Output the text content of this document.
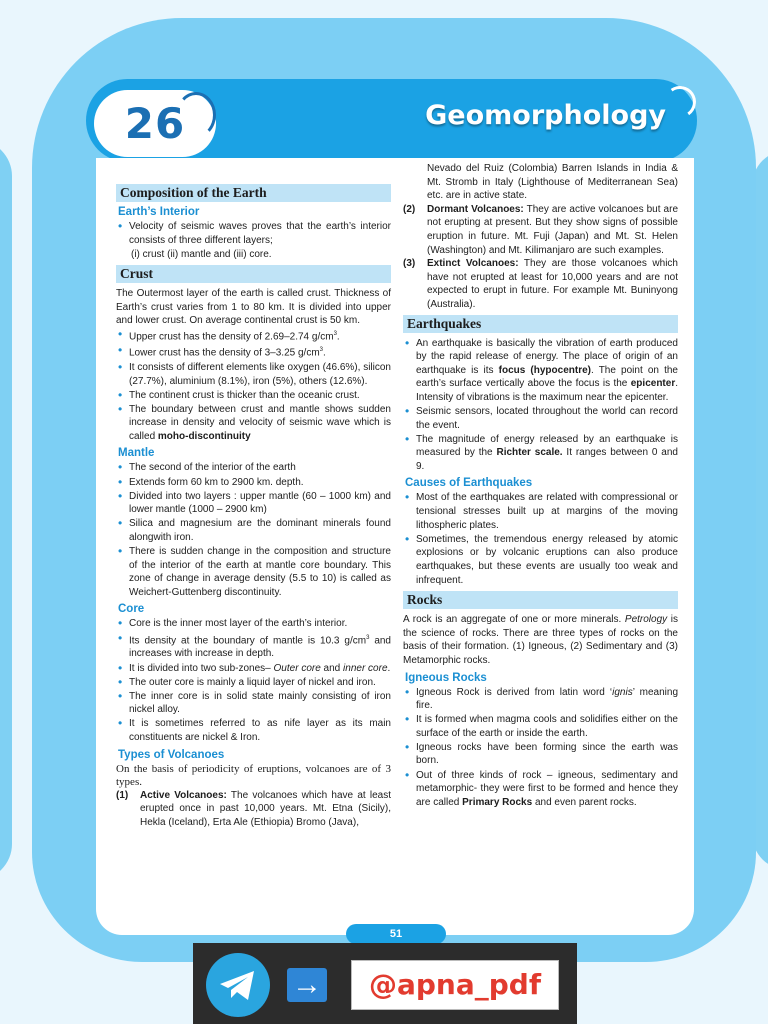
26	Geomorphology
Composition of the Earth
Earth’s Interior
• Velocity of seismic waves proves that the earth’s interior consists of three different layers;

(i) crust (ii) mantle and (iii) core.

Crust

The Outermost layer of the earth is called crust. Thickness of Earth’s crust varies from 1 to 80 km. It is divided into upper and lower crust. On average continental crust is 50 km.

• Upper crust has the density of 2.69–2.74 $g/cm^3$.
• Lower crust has the density of 3–3.25 $g/cm^3$.
• It consists of different elements like oxygen (46.6%), silicon (27.7%), aluminium (8.1%), iron (5%), others (12.6%).
• The continent crust is thicker than the oceanic crust.
• The boundary between crust and mantle shows sudden increase in density and velocity of seismic wave which is called moho-discontinuity
Mantle
• The second of the interior of the earth
• Extends form 60 km to 2900 km. depth.
• Divided into two layers : upper mantle (60 – 1000 km) and lower mantle (1000 – 2900 km)
• Silica and magnesium are the dominant minerals found alongwith iron.
• There is sudden change in the composition and structure of the interior of the earth at mantle core boundary. This zone of change in average density (5.5 to 10) is called as Weichert-Guttenberg discontinuity.
Core
• Core is the inner most layer of the earth’s interior.
• Its density at the boundary of mantle is 10.3 $g/cm^3$ and increases with increase in depth.
• It is divided into two sub-zones– Outer core and inner core.
• The outer core is mainly a liquid layer of nickel and iron.
• The inner core is in solid state mainly consisting of iron nickel alloy.
• It is sometimes referred to as nife layer as its main constituents are nickel & Iron.
Types of Volcanoes

On the basis of periodicity of eruptions, volcanoes are of 3 types.

(1) Active Volcanoes: The volcanoes which have at least erupted once in past 10,000 years. Mt. Etna (Sicily), Hekla (Iceland), Erta Ale (Ethiopia) Bromo (Java),

Nevado del Ruiz (Colombia) Barren Islands in India & Mt. Stromb in Italy (Lighthouse of Mediterranean Sea) etc. are in active state.

(2) Dormant Volcanoes: They are active volcanoes but are not erupting at present. But they show signs of possible eruption in future. Mt. Fuji (Japan) and Mt. St. Helen (Washington) and Mt. Kilimanjaro are such examples.
(3) Extinct Volcanoes: They are those volcanoes which have not erupted at least for 10,000 years and are not expected to erupt in future. For example Mt. Buninyong (Australia).
Earthquakes
• An earthquake is basically the vibration of earth produced by the rapid release of energy. The place of origin of an earthquake is its focus (hypocentre). The point on the earth’s surface vertically above the focus is the epicenter. Intensity of vibrations is the maximum near the epicenter.
• Seismic sensors, located throughout the world can record the event.
• The magnitude of energy released by an earthquake is measured by the Richter scale. It ranges between 0 and 9.
Causes of Earthquakes
• Most of the earthquakes are related with compressional or tensional stresses built up at margins of the moving lithospheric plates.
• Sometimes, the tremendous energy released by atomic explosions or by volcanic eruptions can also produce earthquakes, but these events are usually too weak and infrequent.
Rocks

A rock is an aggregate of one or more minerals. Petrology is the science of rocks. There are three types of rocks on the basis of their formation. (1) Igneous, (2) Sedimentary and (3) Metamorphic rocks.

Igneous Rocks
• Igneous Rock is derived from latin word ‘ignis’ meaning fire.
• It is formed when magma cools and solidifies either on the surface of the earth or inside the earth.
• Igneous rocks have been forming since the earth was born.
• Out of three kinds of rock – igneous, sedimentary and metamorphic- they were first to be formed and hence they are called Primary Rocks and even parent rocks.
51
→	@apna_pdf
